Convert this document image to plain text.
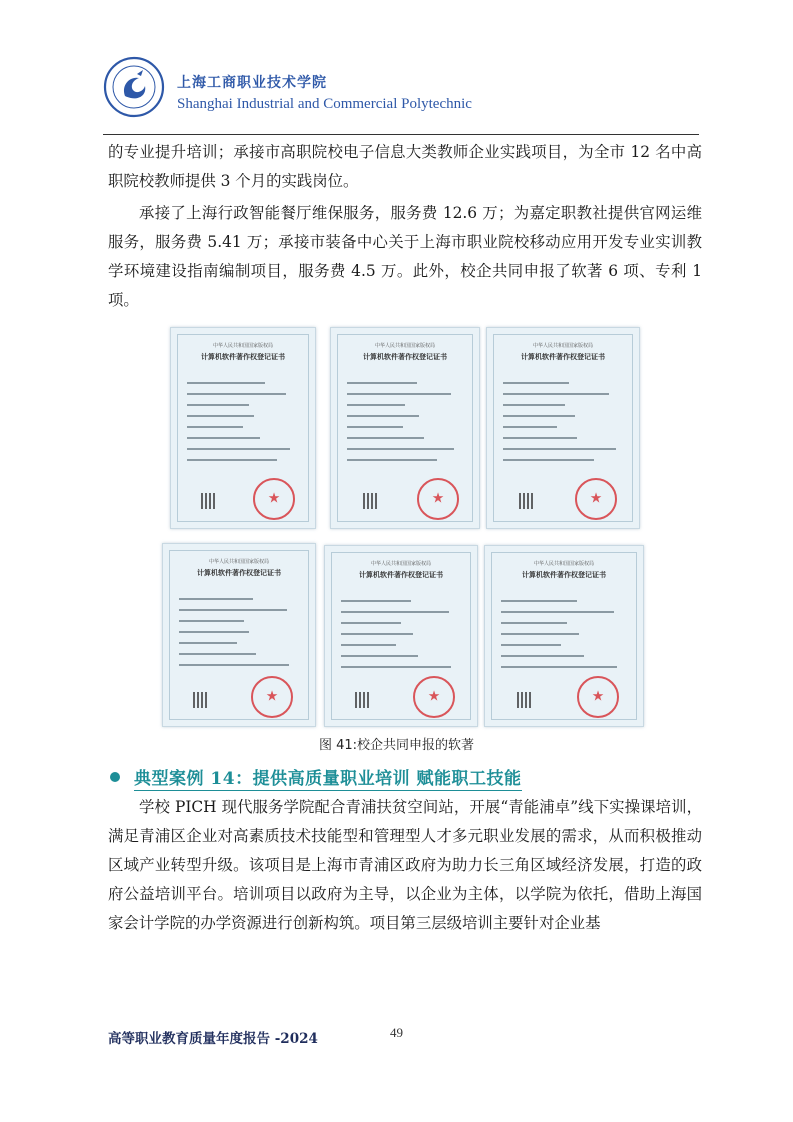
上海工商职业技术学院
Shanghai Industrial and Commercial Polytechnic

的专业提升培训；承接市高职院校电子信息大类教师企业实践项目，为全市 12 名中高职院校教师提供 3 个月的实践岗位。

承接了上海行政智能餐厅维保服务，服务费 12.6 万；为嘉定职教社提供官网运维服务，服务费 5.41 万；承接市装备中心关于上海市职业院校移动应用开发专业实训教学环境建设指南编制项目，服务费 4.5 万。此外，校企共同申报了软著 6 项、专利 1 项。

中华人民共和国国家版权局
计算机软件著作权登记证书
★
中华人民共和国国家版权局
计算机软件著作权登记证书
★
中华人民共和国国家版权局
计算机软件著作权登记证书
★
中华人民共和国国家版权局
计算机软件著作权登记证书
★
中华人民共和国国家版权局
计算机软件著作权登记证书
★
中华人民共和国国家版权局
计算机软件著作权登记证书
★
图 41:校企共同申报的软著
典型案例 14：提供高质量职业培训 赋能职工技能

学校 PICH 现代服务学院配合青浦扶贫空间站，开展“青能浦卓”线下实操课培训，满足青浦区企业对高素质技术技能型和管理型人才多元职业发展的需求，从而积极推动区域产业转型升级。该项目是上海市青浦区政府为助力长三角区域经济发展，打造的政府公益培训平台。培训项目以政府为主导，以企业为主体，以学院为依托，借助上海国家会计学院的办学资源进行创新构筑。项目第三层级培训主要针对企业基

高等职业教育质量年度报告 -2024	49
